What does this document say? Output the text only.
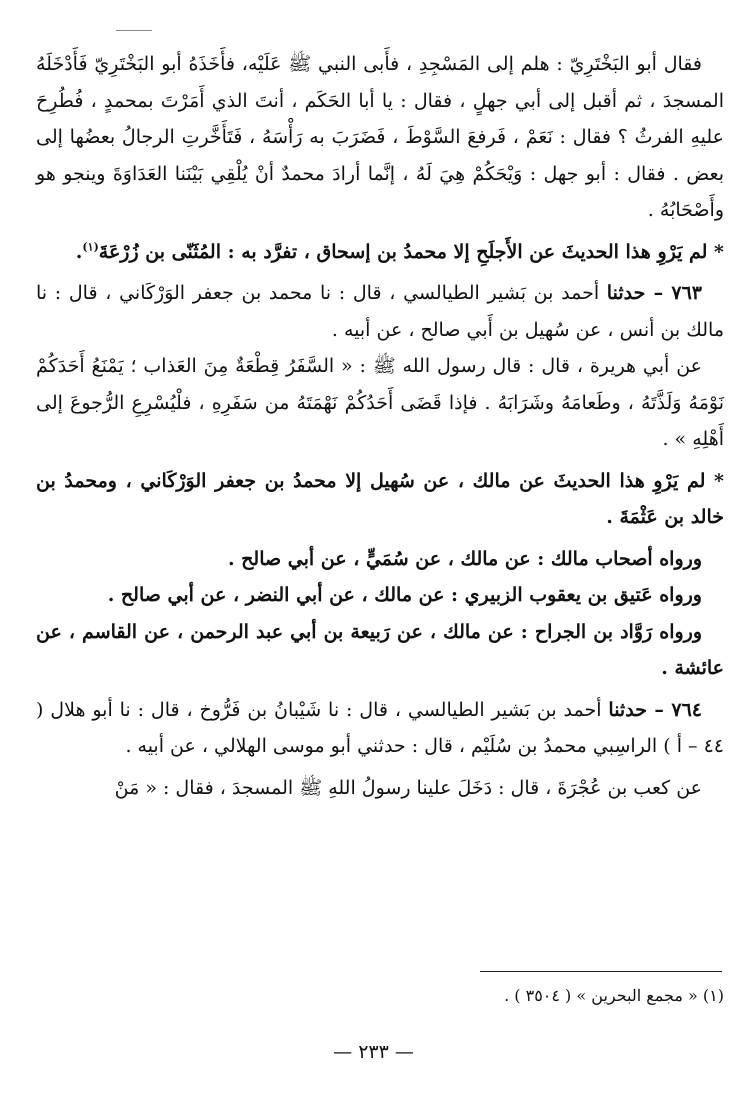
فقال أبو البَخْتَرِيّ : هلم إلى المَسْجِدِ ، فأَبى النبي ﷺ عَلَيْه، فأَخَذَهُ أبو البَخْتَرِيّ فَأَدْخَلَهُ المسجدَ ، ثم أقبل إلى أبي جهلٍ ، فقال : يا أبا الحَكَم ، أنتَ الذي أَمَرْتَ بمحمدٍ ، فُطُرِحَ عليهِ الفرثُ ؟ فقال : نَعَمْ ، فَرفعَ السَّوْطَ ، فَضَرَبَ به رَأْسَهُ ، فَتَأَخَّرتِ الرجالُ بعضُها إلى بعض . فقال : أبو جهل : وَيْحَكُمْ هِيَ لَهُ ، إنَّما أرادَ محمدٌ أنْ يُلْقِي بَيْنَنا العَدَاوَةَ وينجو هو وأَصْحَابُهُ .

* لم يَرْوِ هذا الحديثَ عن الأَجلَحِ إلا محمدُ بن إسحاق ، تفرَّد به : المُثَنّى بن زُرْعَةَ$^{(١)}$.

٧٦٣ – حدثنا أحمد بن بَشير الطيالسي ، قال : نا محمد بن جعفر الوَرْكَاني ، قال : نا مالك بن أنس ، عن سُهيل بن أَبي صالح ، عن أبيه .

عن أبي هريرة ، قال : قال رسول الله ﷺ : « السَّفَرُ قِطْعَةٌ مِنَ العَذاب ؛ يَمْنَعُ أَحَدَكُمْ نَوْمَهُ وَلَذَّتَهُ ، وطَعامَهُ وشَرَابَهُ . فإذا قَضَى أَحَدُكُمْ نَهْمَتَهُ من سَفَرِهِ ، فلْيُسْرِعِ الرُّجوعَ إلى أَهْلِهِ » .

* لم يَرْوِ هذا الحديثَ عن مالك ، عن سُهيل إلا محمدُ بن جعفر الوَرْكَاني ، ومحمدُ بن خالد بن عَثْمَةَ .

ورواه أصحاب مالك : عن مالك ، عن سُمَيٍّ ، عن أبي صالح .

ورواه عَتيق بن يعقوب الزبيري : عن مالك ، عن أبي النضر ، عن أبي صالح .

ورواه رَوَّاد بن الجراح : عن مالك ، عن رَبيعة بن أبي عبد الرحمن ، عن القاسم ، عن عائشة .

٧٦٤ – حدثنا أحمد بن بَشير الطيالسي ، قال : نا شَيْبانُ بن فَرُّوخ ، قال : نا أبو هلال ( ٤٤ – أ ) الراسِبي محمدُ بن سُلَيْم ، قال : حدثني أبو موسى الهلالي ، عن أبيه .

عن كعب بن عُجْرَةَ ، قال : دَخَلَ علينا رسولُ اللهِ ﷺ المسجدَ ، فقال : « مَنْ

(١) « مجمع البحرين » ( ٣٥٠٤ ) .

— ٢٣٣ —
